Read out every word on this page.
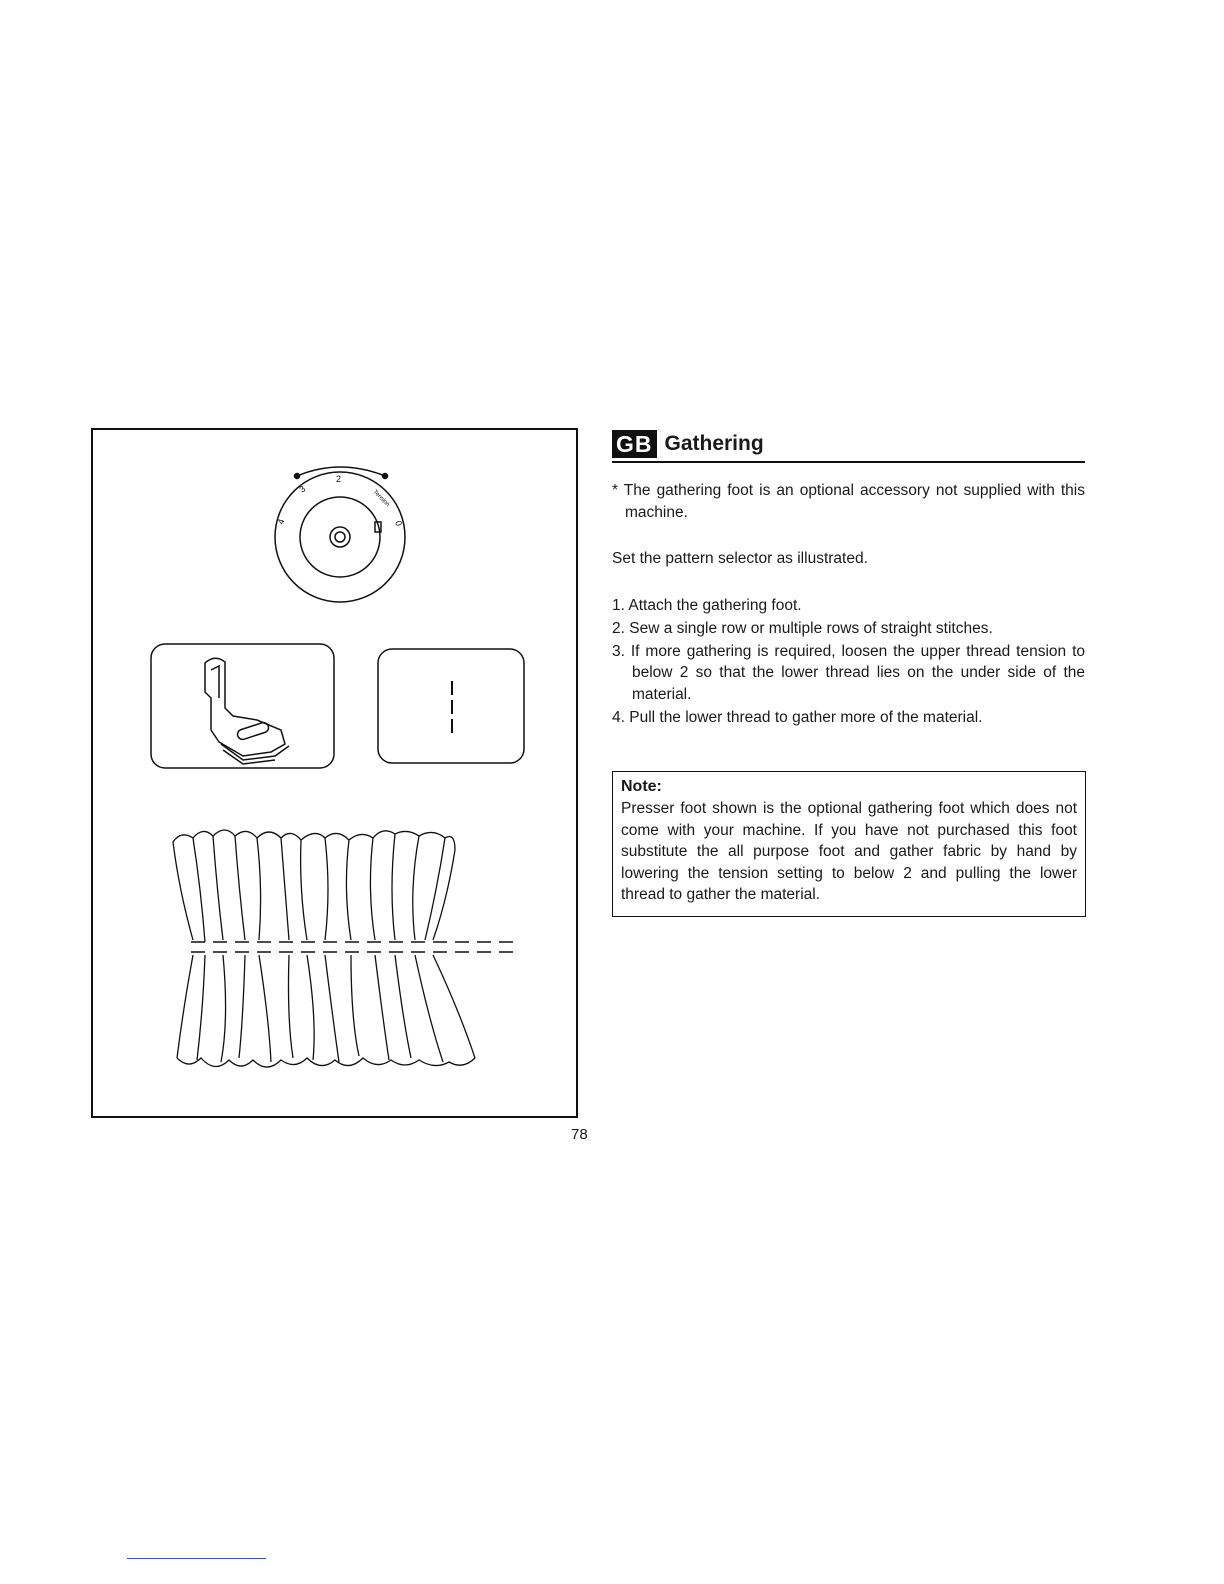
4
3
2
Tension
0
GB Gathering
* The gathering foot is an optional accessory not supplied with this machine.
Set the pattern selector as illustrated.
1. Attach the gathering foot.
2. Sew a single row or multiple rows of straight stitches.
3. If more gathering is required, loosen the upper thread tension to below 2 so that the lower thread lies on the under side of the material.
4. Pull the lower thread to gather more of the material.
Note:
Presser foot shown is the optional gathering foot which does not come with your machine. If you have not purchased this foot substitute the all purpose foot and gather fabric by hand by lowering the tension setting to below 2 and pulling the lower thread to gather the material.
78
